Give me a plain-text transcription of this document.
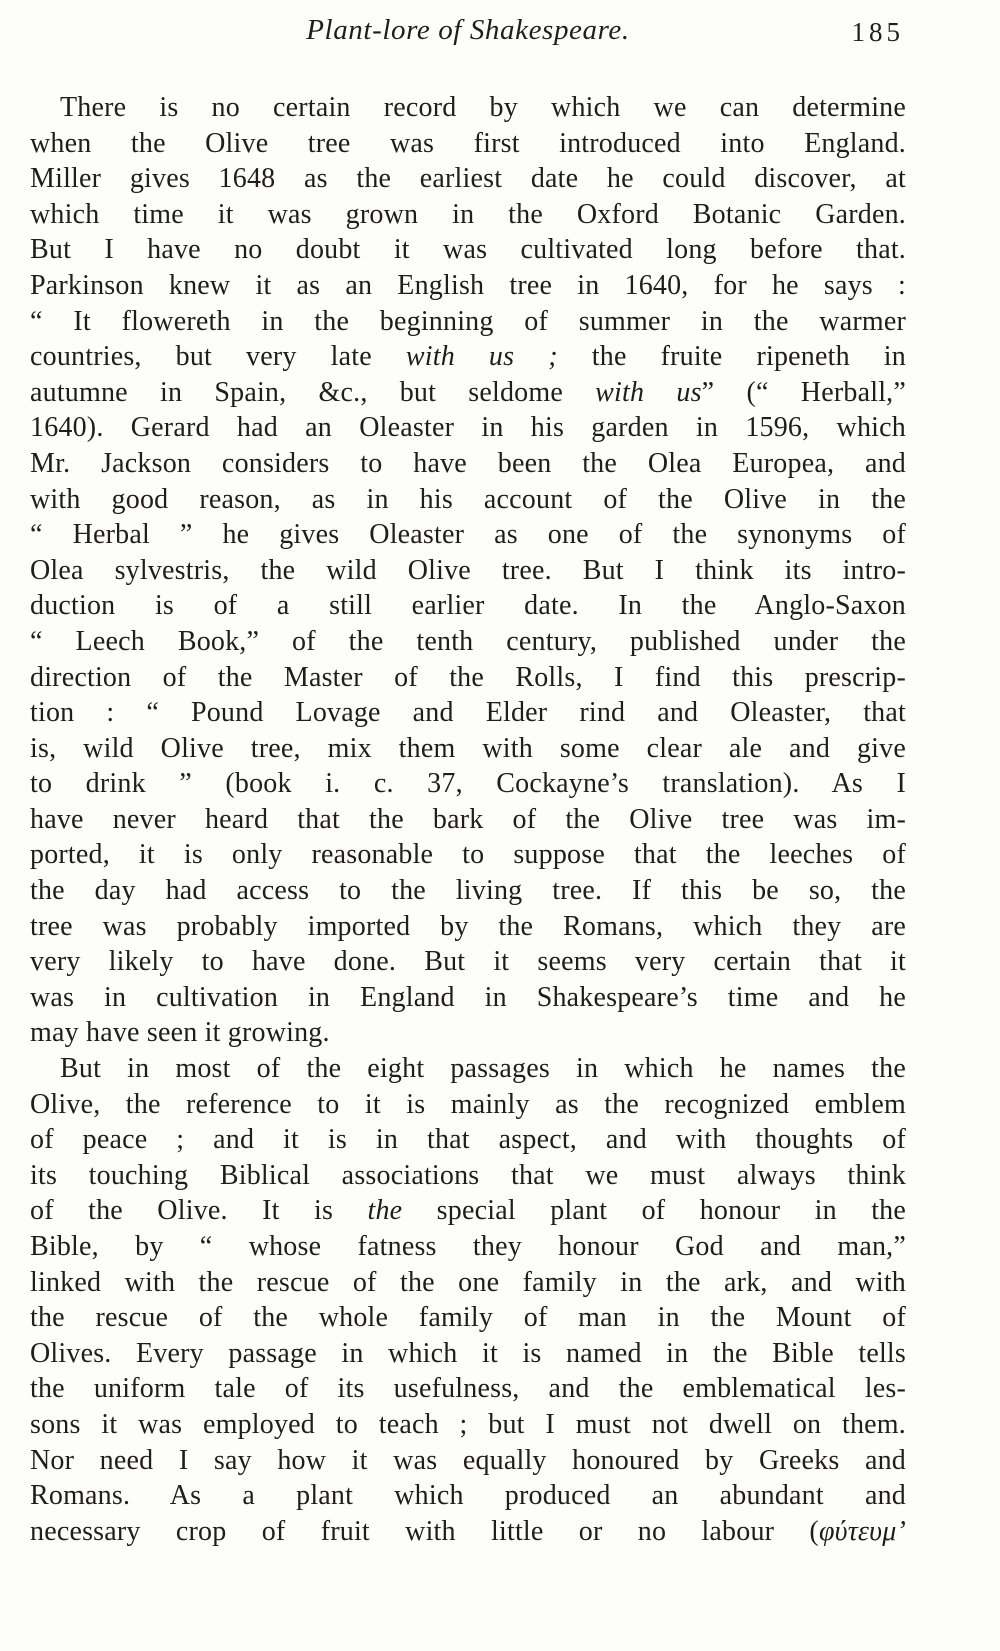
Plant-lore of Shakespeare.	185
There is no certain record by which we can determine
when the Olive tree was first introduced into England.
Miller gives 1648 as the earliest date he could discover, at
which time it was grown in the Oxford Botanic Garden.
But I have no doubt it was cultivated long before that.
Parkinson knew it as an English tree in 1640, for he says :
“ It flowereth in the beginning of summer in the warmer
countries, but very late with us ; the fruite ripeneth in
autumne in Spain, &c., but seldome with us” (“ Herball,”
1640). Gerard had an Oleaster in his garden in 1596, which
Mr. Jackson considers to have been the Olea Europea, and
with good reason, as in his account of the Olive in the
“ Herbal ” he gives Oleaster as one of the synonyms of
Olea sylvestris, the wild Olive tree. But I think its intro-
duction is of a still earlier date. In the Anglo-Saxon
“ Leech Book,” of the tenth century, published under the
direction of the Master of the Rolls, I find this prescrip-
tion : “ Pound Lovage and Elder rind and Oleaster, that
is, wild Olive tree, mix them with some clear ale and give
to drink ” (book i. c. 37, Cockayne’s translation). As I
have never heard that the bark of the Olive tree was im-
ported, it is only reasonable to suppose that the leeches of
the day had access to the living tree. If this be so, the
tree was probably imported by the Romans, which they are
very likely to have done. But it seems very certain that it
was in cultivation in England in Shakespeare’s time and he
may have seen it growing.
But in most of the eight passages in which he names the
Olive, the reference to it is mainly as the recognized emblem
of peace ; and it is in that aspect, and with thoughts of
its touching Biblical associations that we must always think
of the Olive. It is the special plant of honour in the
Bible, by “ whose fatness they honour God and man,”
linked with the rescue of the one family in the ark, and with
the rescue of the whole family of man in the Mount of
Olives. Every passage in which it is named in the Bible tells
the uniform tale of its usefulness, and the emblematical les-
sons it was employed to teach ; but I must not dwell on them.
Nor need I say how it was equally honoured by Greeks and
Romans. As a plant which produced an abundant and
necessary crop of fruit with little or no labour (φύτευμ’
